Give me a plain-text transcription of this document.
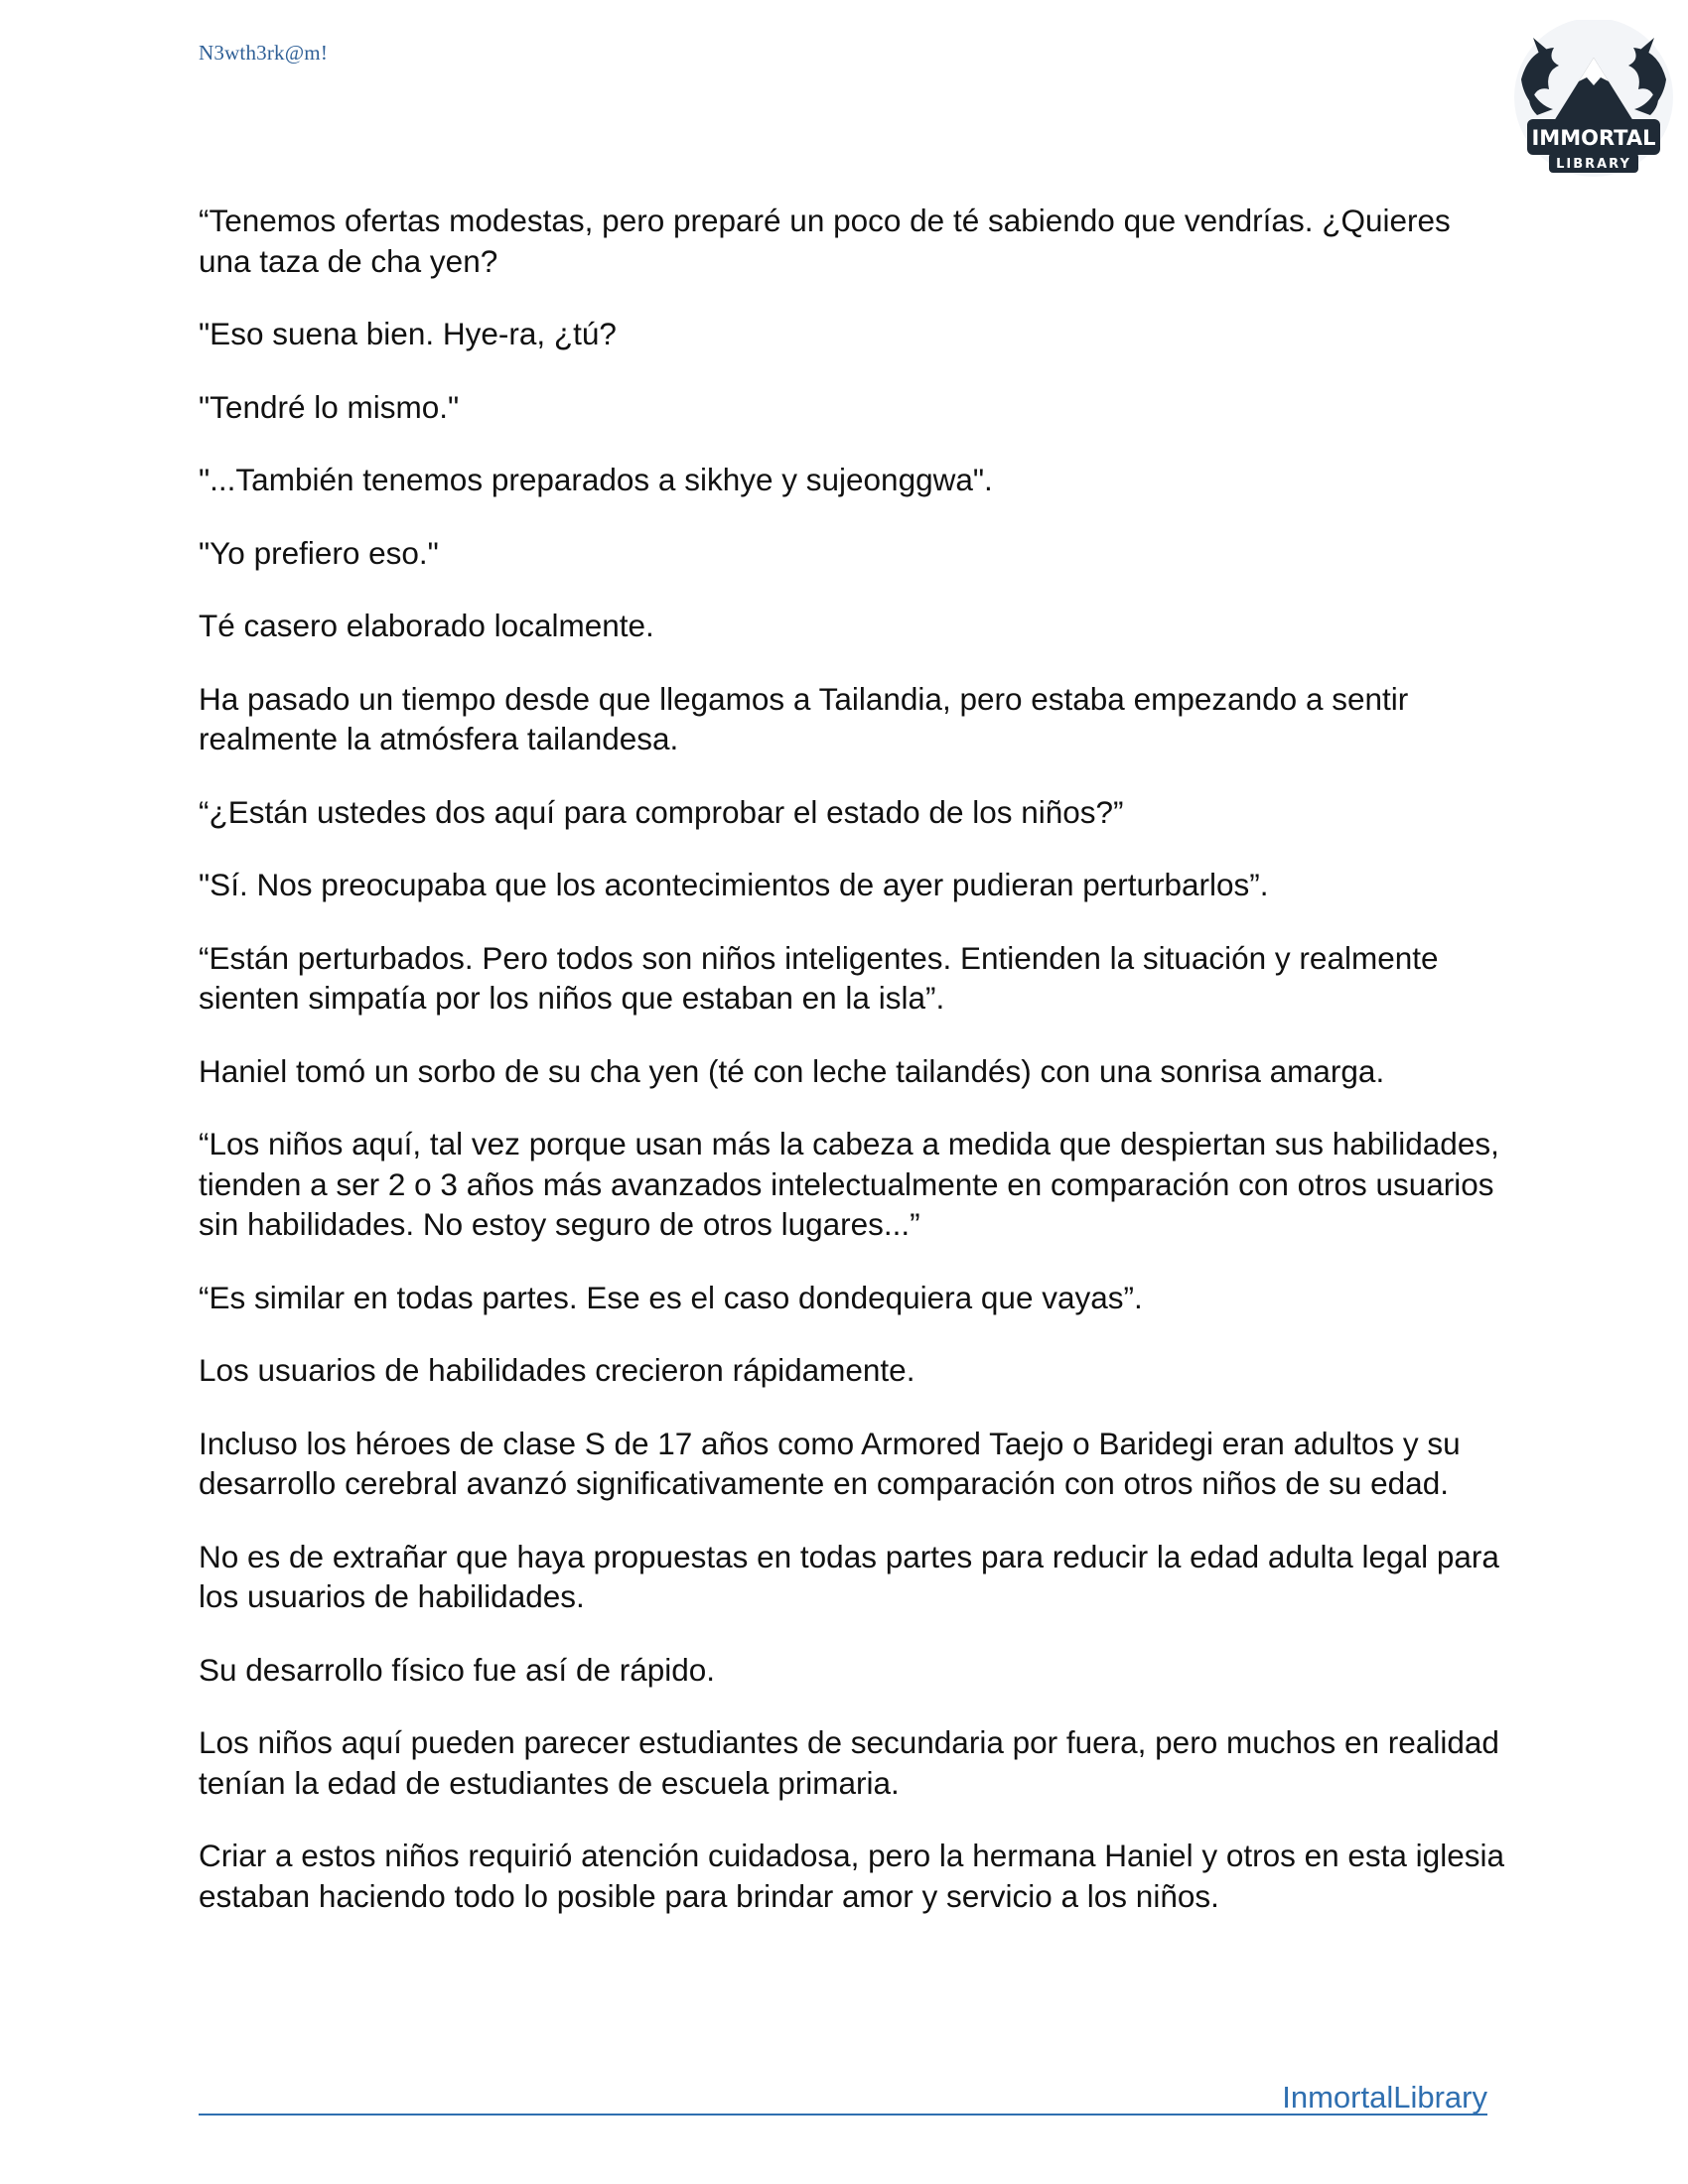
N3wth3rk@m!
IMMORTAL
LIBRARY

“Tenemos ofertas modestas, pero preparé un poco de té sabiendo que vendrías. ¿Quieres una taza de cha yen?

"Eso suena bien. Hye-ra, ¿tú?

"Tendré lo mismo."

"...También tenemos preparados a sikhye y sujeonggwa".

"Yo prefiero eso."

Té casero elaborado localmente.

Ha pasado un tiempo desde que llegamos a Tailandia, pero estaba empezando a sentir realmente la atmósfera tailandesa.

“¿Están ustedes dos aquí para comprobar el estado de los niños?”

"Sí. Nos preocupaba que los acontecimientos de ayer pudieran perturbarlos”.

“Están perturbados. Pero todos son niños inteligentes. Entienden la situación y realmente sienten simpatía por los niños que estaban en la isla”.

Haniel tomó un sorbo de su cha yen (té con leche tailandés) con una sonrisa amarga.

“Los niños aquí, tal vez porque usan más la cabeza a medida que despiertan sus habilidades, tienden a ser 2 o 3 años más avanzados intelectualmente en comparación con otros usuarios sin habilidades. No estoy seguro de otros lugares...”

“Es similar en todas partes. Ese es el caso dondequiera que vayas”.

Los usuarios de habilidades crecieron rápidamente.

Incluso los héroes de clase S de 17 años como Armored Taejo o Baridegi eran adultos y su desarrollo cerebral avanzó significativamente en comparación con otros niños de su edad.

No es de extrañar que haya propuestas en todas partes para reducir la edad adulta legal para los usuarios de habilidades.

Su desarrollo físico fue así de rápido.

Los niños aquí pueden parecer estudiantes de secundaria por fuera, pero muchos en realidad tenían la edad de estudiantes de escuela primaria.

Criar a estos niños requirió atención cuidadosa, pero la hermana Haniel y otros en esta iglesia estaban haciendo todo lo posible para brindar amor y servicio a los niños.

InmortalLibrary
